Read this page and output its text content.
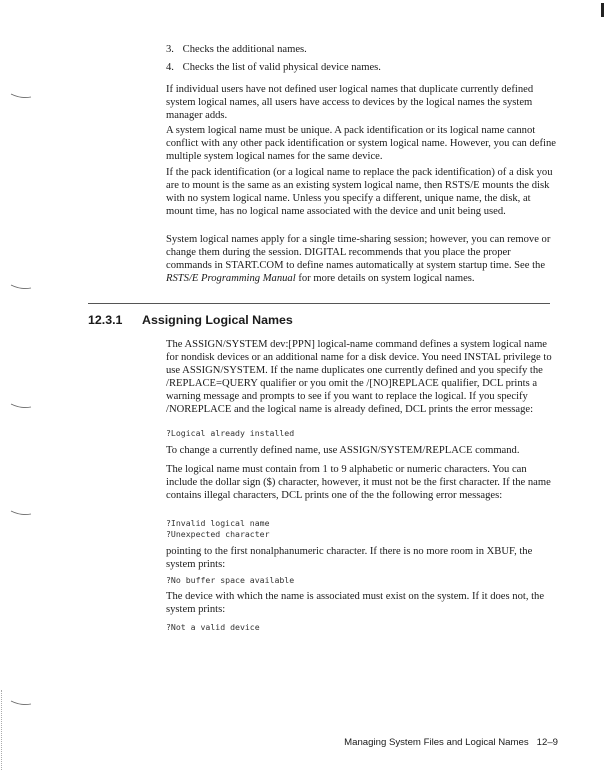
3. Checks the additional names.
4. Checks the list of valid physical device names.

If individual users have not defined user logical names that duplicate currently defined system logical names, all users have access to devices by the logical names the system manager adds.

A system logical name must be unique. A pack identification or its logical name cannot conflict with any other pack identification or system logical name. However, you can define multiple system logical names for the same device.

If the pack identification (or a logical name to replace the pack identification) of a disk you are to mount is the same as an existing system logical name, then RSTS/E mounts the disk with no system logical name. Unless you specify a different, unique name, the disk, at mount time, has no logical name associated with the device and unit being used.

System logical names apply for a single time-sharing session; however, you can remove or change them during the session. DIGITAL recommends that you place the proper commands in START.COM to define names automatically at system startup time. See the RSTS/E Programming Manual for more details on system logical names.

12.3.1 Assigning Logical Names

The ASSIGN/SYSTEM dev:[PPN] logical-name command defines a system logical name for nondisk devices or an additional name for a disk device. You need INSTAL privilege to use ASSIGN/SYSTEM. If the name duplicates one currently defined and you specify the /REPLACE=QUERY qualifier or you omit the /[NO]REPLACE qualifier, DCL prints a warning message and prompts to see if you want to replace the logical. If you specify /NOREPLACE and the logical name is already defined, DCL prints the error message:

?Logical already installed

To change a currently defined name, use ASSIGN/SYSTEM/REPLACE command.

The logical name must contain from 1 to 9 alphabetic or numeric characters. You can include the dollar sign ($) character, however, it must not be the first character. If the name contains illegal characters, DCL prints one of the the following error messages:

?Invalid logical name
?Unexpected character

pointing to the first nonalphanumeric character. If there is no more room in XBUF, the system prints:

?No buffer space available

The device with which the name is associated must exist on the system. If it does not, the system prints:

?Not a valid device
Managing System Files and Logical Names 12–9
